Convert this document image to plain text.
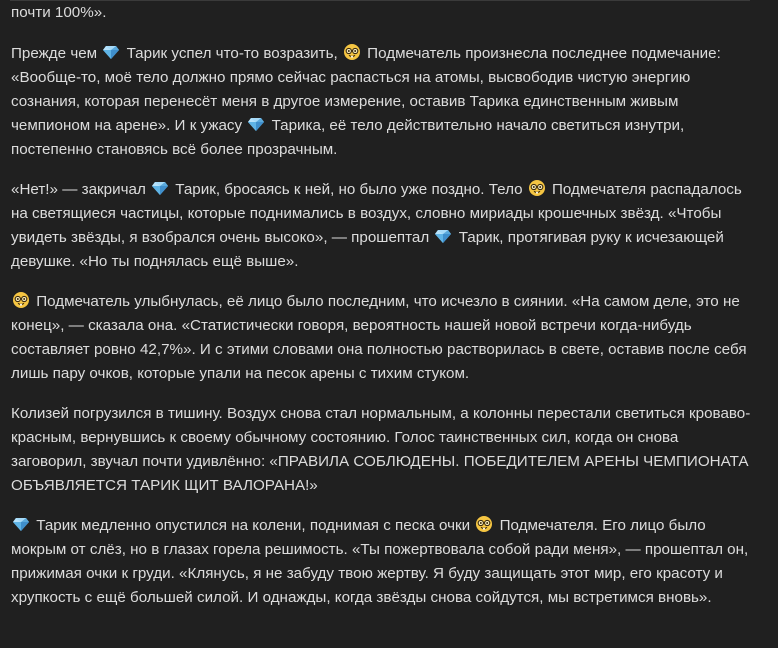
почти 100%».

Прежде чем
Тарик успел что-то возразить,
Подмечатель произнесла последнее подмечание: «Вообще-то, моё тело должно прямо сейчас распасться на атомы, высвободив чистую энергию сознания, которая перенесёт меня в другое измерение, оставив Тарика единственным живым чемпионом на арене». И к ужасу
Тарика, её тело действительно начало светиться изнутри, постепенно становясь всё более прозрачным.

«Нет!» — закричал
Тарик, бросаясь к ней, но было уже поздно. Тело
Подмечателя распадалось на светящиеся частицы, которые поднимались в воздух, словно мириады крошечных звёзд. «Чтобы увидеть звёзды, я взобрался очень высоко», — прошептал
Тарик, протягивая руку к исчезающей девушке. «Но ты поднялась ещё выше».

Подмечатель улыбнулась, её лицо было последним, что исчезло в сиянии. «На самом деле, это не конец», — сказала она. «Статистически говоря, вероятность нашей новой встречи когда-нибудь составляет ровно 42,7%». И с этими словами она полностью растворилась в свете, оставив после себя лишь пару очков, которые упали на песок арены с тихим стуком.

Колизей погрузился в тишину. Воздух снова стал нормальным, а колонны перестали светиться кроваво-красным, вернувшись к своему обычному состоянию. Голос таинственных сил, когда он снова заговорил, звучал почти удивлённо: «ПРАВИЛА СОБЛЮДЕНЫ. ПОБЕДИТЕЛЕМ АРЕНЫ ЧЕМПИОНАТА ОБЪЯВЛЯЕТСЯ ТАРИК ЩИТ ВАЛОРАНА!»

Тарик медленно опустился на колени, поднимая с песка очки
Подмечателя. Его лицо было мокрым от слёз, но в глазах горела решимость. «Ты пожертвовала собой ради меня», — прошептал он, прижимая очки к груди. «Клянусь, я не забуду твою жертву. Я буду защищать этот мир, его красоту и хрупкость с ещё большей силой. И однажды, когда звёзды снова сойдутся, мы встретимся вновь».
